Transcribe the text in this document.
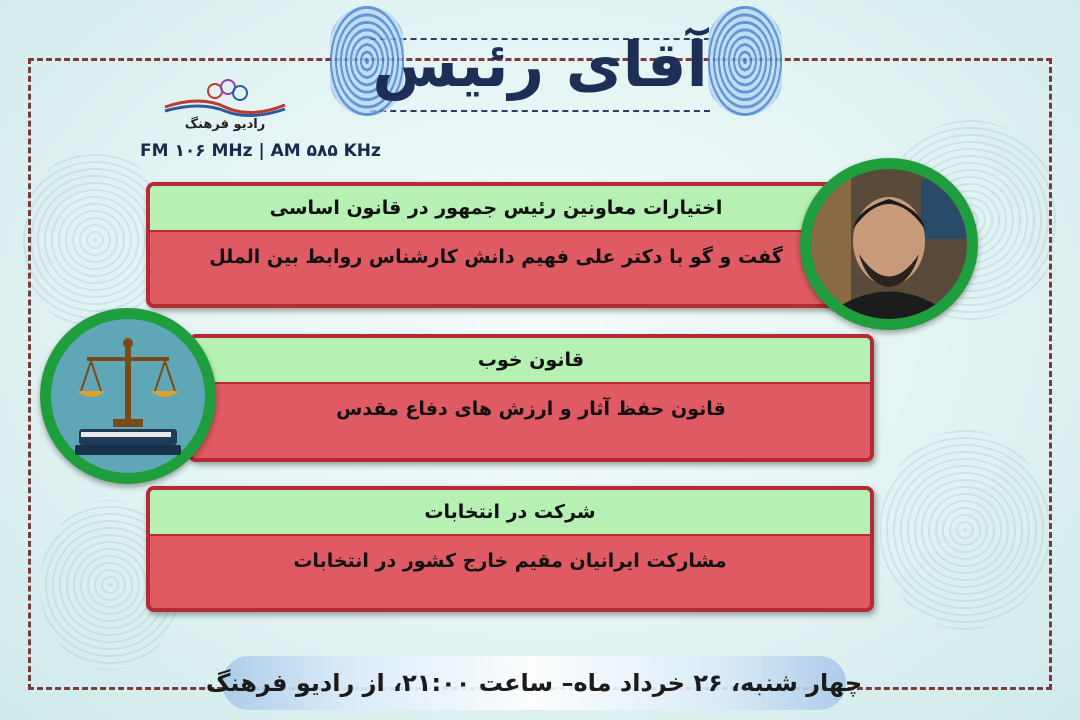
آقای رئیس
رادیو فرهنگ
FM ۱۰۶ MHz | AM ۵۸۵ KHz
اختیارات معاونین رئیس جمهور در قانون اساسی
گفت و گو با دکتر علی فهیم دانش کارشناس روابط بین الملل
قانون خوب
قانون حفظ آثار و ارزش های دفاع مقدس
شرکت در انتخابات
مشارکت ایرانیان مقیم خارج کشور در انتخابات
چهار شنبه، ۲۶ خرداد ماه– ساعت ۲۱:۰۰، از رادیو فرهنگ
